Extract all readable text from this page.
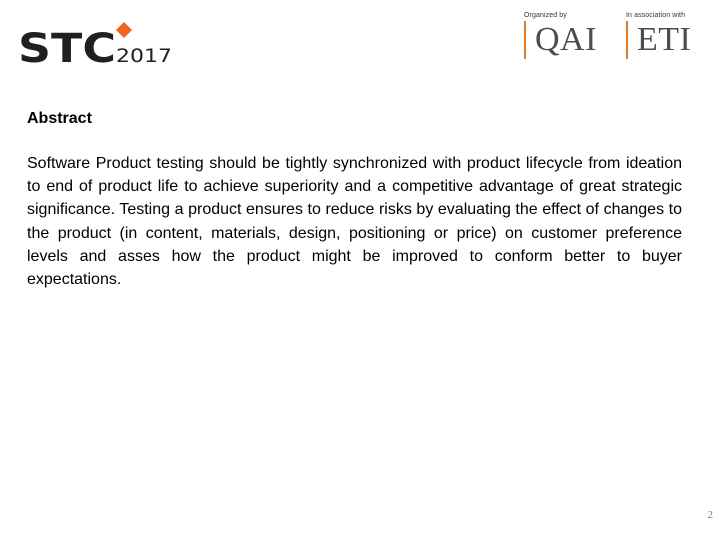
STC 2017
Organized by
QAI
In association with
ETI
Abstract

Software Product testing should be tightly synchronized with product lifecycle from ideation to end of product life to achieve superiority and a competitive advantage of great strategic significance. Testing a product ensures to reduce risks by evaluating the effect of changes to the product (in content, materials, design, positioning or price) on customer preference levels and asses how the product might be improved to conform better to buyer expectations.

2
